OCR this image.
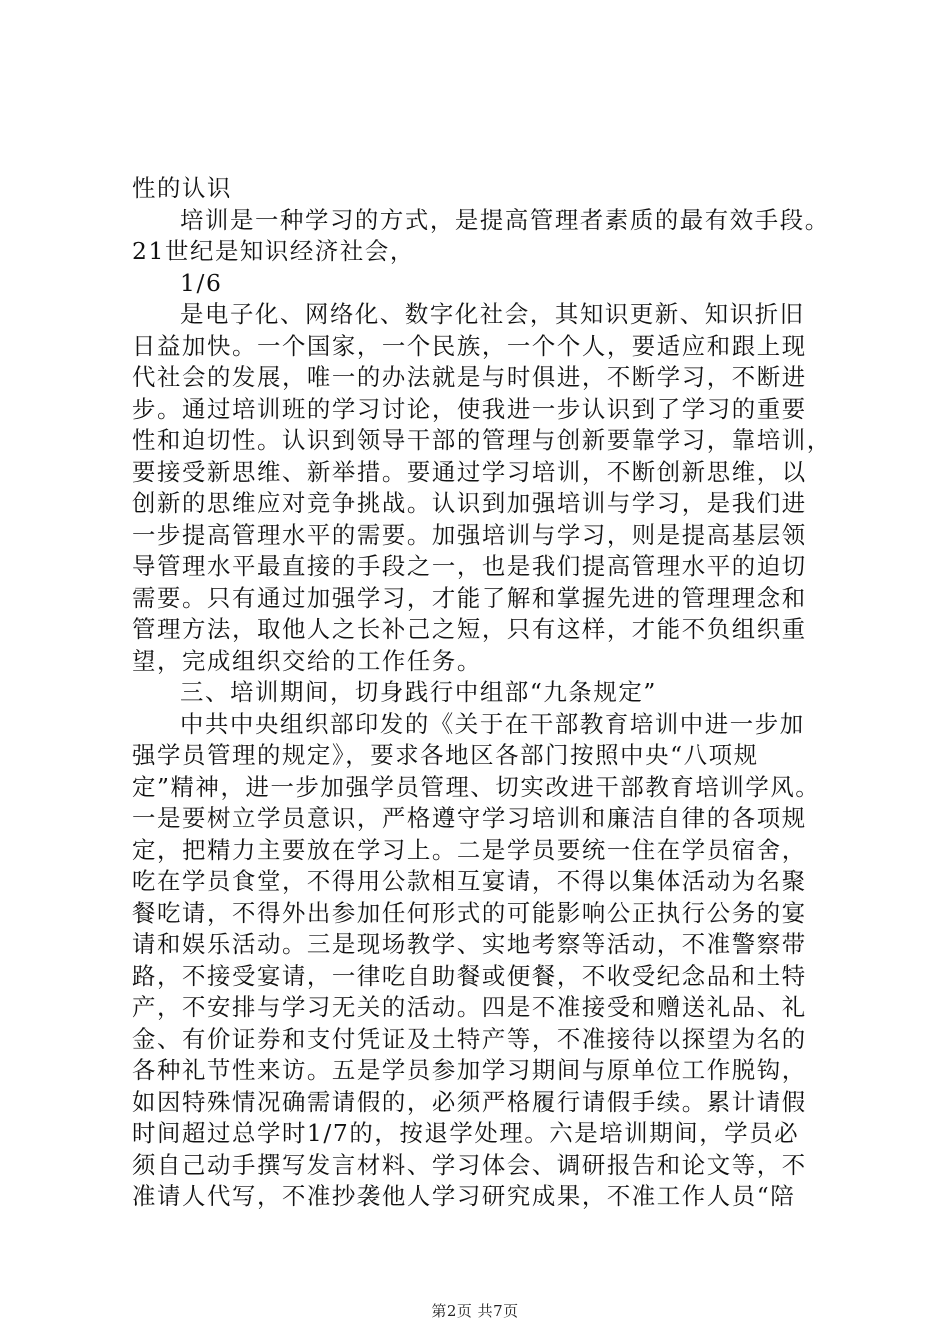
性的认识
培训是一种学习的方式，是提高管理者素质的最有效手段。
21世纪是知识经济社会，
1/6
是电子化、网络化、数字化社会，其知识更新、知识折旧
日益加快。一个国家，一个民族，一个个人，要适应和跟上现
代社会的发展，唯一的办法就是与时俱进，不断学习，不断进
步。通过培训班的学习讨论，使我进一步认识到了学习的重要
性和迫切性。认识到领导干部的管理与创新要靠学习，靠培训，
要接受新思维、新举措。要通过学习培训，不断创新思维，以
创新的思维应对竞争挑战。认识到加强培训与学习，是我们进
一步提高管理水平的需要。加强培训与学习，则是提高基层领
导管理水平最直接的手段之一，也是我们提高管理水平的迫切
需要。只有通过加强学习，才能了解和掌握先进的管理理念和
管理方法，取他人之长补己之短，只有这样，才能不负组织重
望，完成组织交给的工作任务。
三、培训期间，切身践行中组部“九条规定”
中共中央组织部印发的《关于在干部教育培训中进一步加
强学员管理的规定》，要求各地区各部门按照中央“八项规
定”精神，进一步加强学员管理、切实改进干部教育培训学风。
一是要树立学员意识，严格遵守学习培训和廉洁自律的各项规
定，把精力主要放在学习上。二是学员要统一住在学员宿舍，
吃在学员食堂，不得用公款相互宴请，不得以集体活动为名聚
餐吃请，不得外出参加任何形式的可能影响公正执行公务的宴
请和娱乐活动。三是现场教学、实地考察等活动，不准警察带
路，不接受宴请，一律吃自助餐或便餐，不收受纪念品和土特
产，不安排与学习无关的活动。四是不准接受和赠送礼品、礼
金、有价证券和支付凭证及土特产等，不准接待以探望为名的
各种礼节性来访。五是学员参加学习期间与原单位工作脱钩，
如因特殊情况确需请假的，必须严格履行请假手续。累计请假
时间超过总学时1/7的，按退学处理。六是培训期间，学员必
须自己动手撰写发言材料、学习体会、调研报告和论文等，不
准请人代写，不准抄袭他人学习研究成果，不准工作人员“陪
第2页 共7页
